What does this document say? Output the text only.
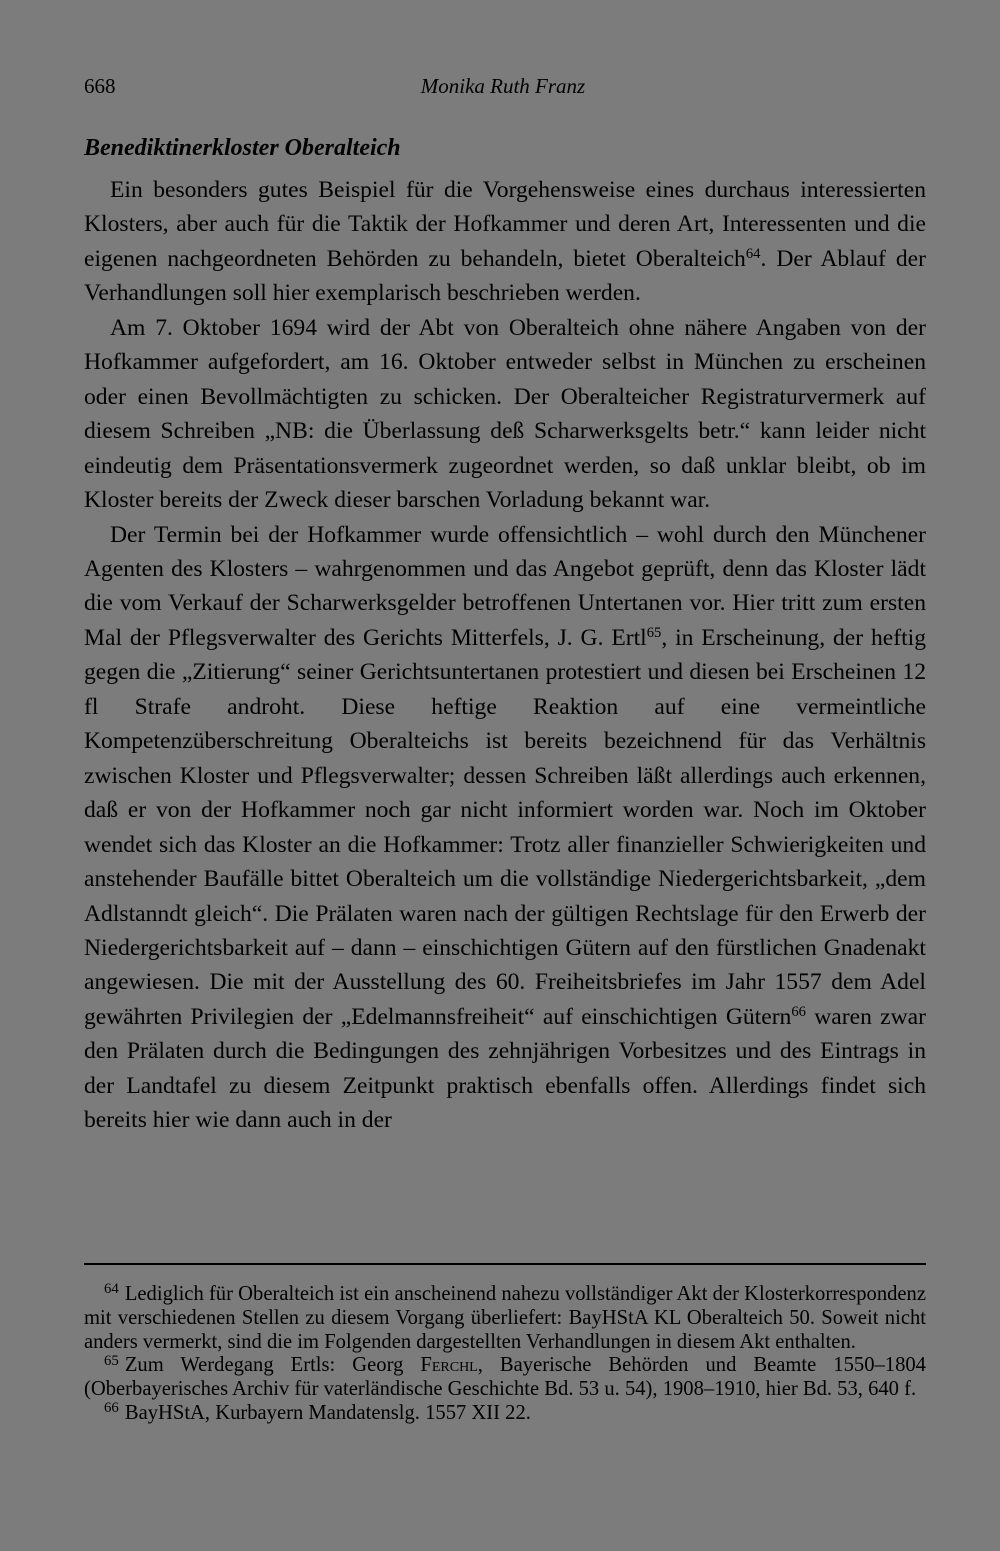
668	Monika Ruth Franz
Benediktinerkloster Oberalteich

Ein besonders gutes Beispiel für die Vorgehensweise eines durchaus interessierten Klosters, aber auch für die Taktik der Hofkammer und deren Art, Interessenten und die eigenen nachgeordneten Behörden zu behandeln, bietet Oberalteich$^{64}$. Der Ablauf der Verhandlungen soll hier exemplarisch beschrieben werden.

Am 7. Oktober 1694 wird der Abt von Oberalteich ohne nähere Angaben von der Hofkammer aufgefordert, am 16. Oktober entweder selbst in München zu erscheinen oder einen Bevollmächtigten zu schicken. Der Oberalteicher Registraturvermerk auf diesem Schreiben „NB: die Überlassung deß Scharwerksgelts betr.“ kann leider nicht eindeutig dem Präsentationsvermerk zugeordnet werden, so daß unklar bleibt, ob im Kloster bereits der Zweck dieser barschen Vorladung bekannt war.

Der Termin bei der Hofkammer wurde offensichtlich – wohl durch den Münchener Agenten des Klosters – wahrgenommen und das Angebot geprüft, denn das Kloster lädt die vom Verkauf der Scharwerksgelder betroffenen Untertanen vor. Hier tritt zum ersten Mal der Pflegsverwalter des Gerichts Mitterfels, J. G. Ertl$^{65}$, in Erscheinung, der heftig gegen die „Zitierung“ seiner Gerichtsuntertanen protestiert und diesen bei Erscheinen 12 fl Strafe androht. Diese heftige Reaktion auf eine vermeintliche Kompetenzüberschreitung Oberalteichs ist bereits bezeichnend für das Verhältnis zwischen Kloster und Pflegsverwalter; dessen Schreiben läßt allerdings auch erkennen, daß er von der Hofkammer noch gar nicht informiert worden war. Noch im Oktober wendet sich das Kloster an die Hofkammer: Trotz aller finanzieller Schwierigkeiten und anstehender Baufälle bittet Oberalteich um die vollständige Niedergerichtsbarkeit, „dem Adlstanndt gleich“. Die Prälaten waren nach der gültigen Rechtslage für den Erwerb der Niedergerichtsbarkeit auf – dann – einschichtigen Gütern auf den fürstlichen Gnadenakt angewiesen. Die mit der Ausstellung des 60. Freiheitsbriefes im Jahr 1557 dem Adel gewährten Privilegien der „Edelmannsfreiheit“ auf einschichtigen Gütern$^{66}$ waren zwar den Prälaten durch die Bedingungen des zehnjährigen Vorbesitzes und des Eintrags in der Landtafel zu diesem Zeitpunkt praktisch ebenfalls offen. Allerdings findet sich bereits hier wie dann auch in der

$^{64}$ Lediglich für Oberalteich ist ein anscheinend nahezu vollständiger Akt der Klosterkorrespondenz mit verschiedenen Stellen zu diesem Vorgang überliefert: BayHStA KL Oberalteich 50. Soweit nicht anders vermerkt, sind die im Folgenden dargestellten Verhandlungen in diesem Akt enthalten.

$^{65}$ Zum Werdegang Ertls: Georg Ferchl, Bayerische Behörden und Beamte 1550–1804 (Oberbayerisches Archiv für vaterländische Geschichte Bd. 53 u. 54), 1908–1910, hier Bd. 53, 640 f.

$^{66}$ BayHStA, Kurbayern Mandatenslg. 1557 XII 22.
